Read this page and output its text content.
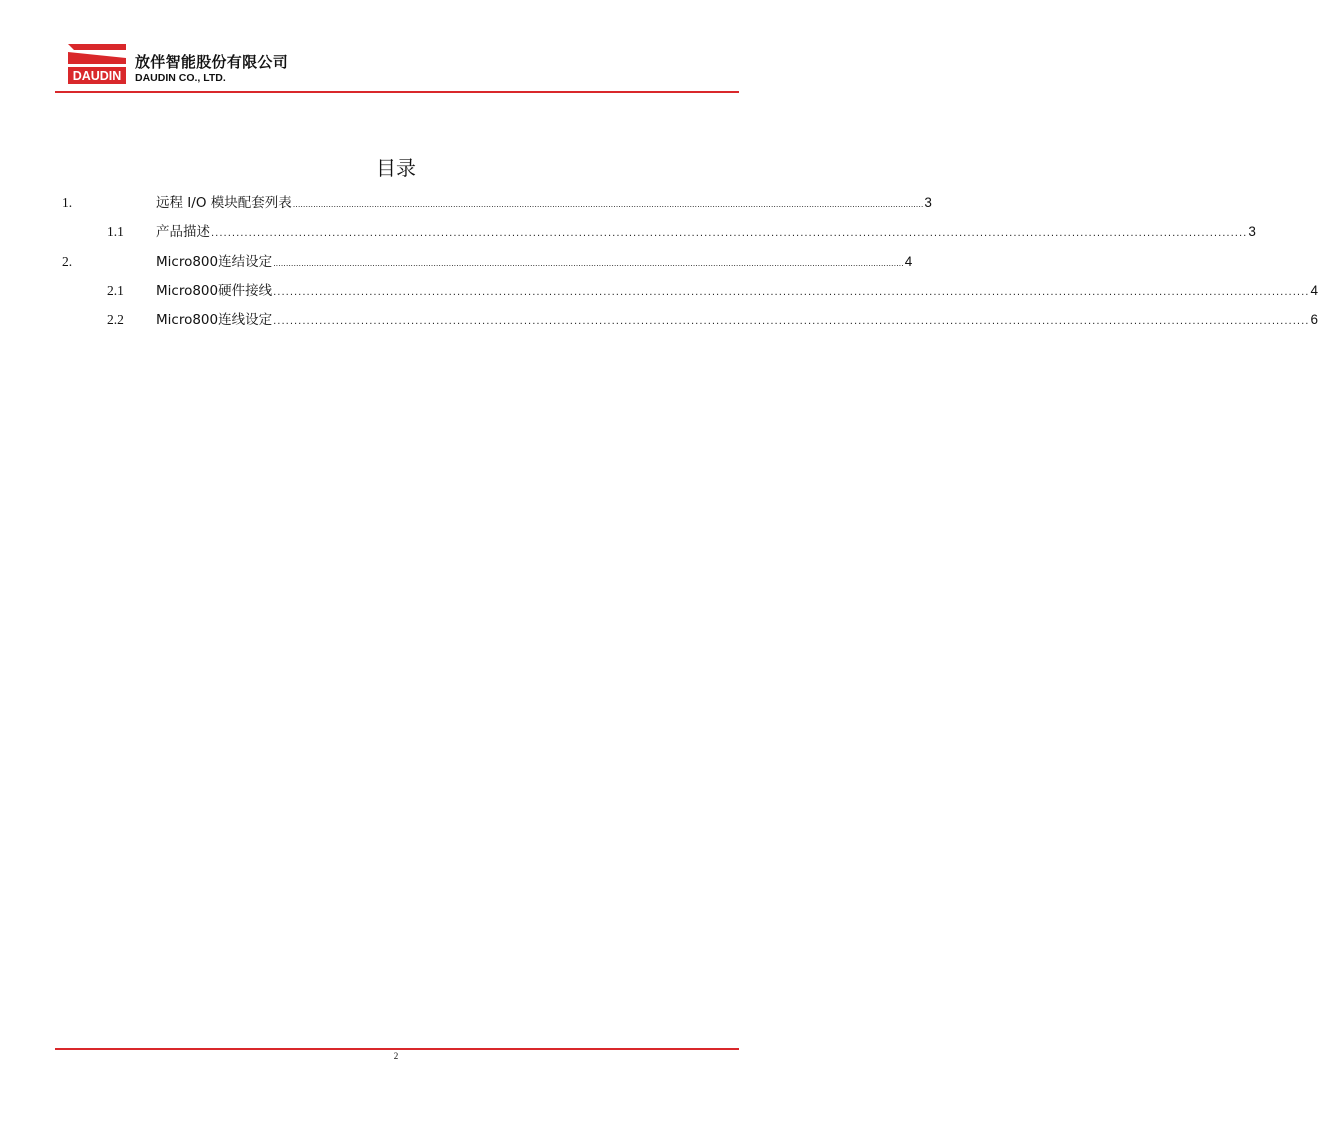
DAUDIN
放伴智能股份有限公司
DAUDIN CO., LTD.
目录
1.	远程 I/O 模块配套列表 ........................................................................................................................................................................................................................................................ 3
1.1 产品描述 ........................................................................................................................................................................................................................................................ 3
2.	Micro800连结设定 ........................................................................................................................................................................................................................................................ 4
2.1 Micro800硬件接线 ........................................................................................................................................................................................................................................................ 4
2.2 Micro800连线设定 ........................................................................................................................................................................................................................................................ 6
2
